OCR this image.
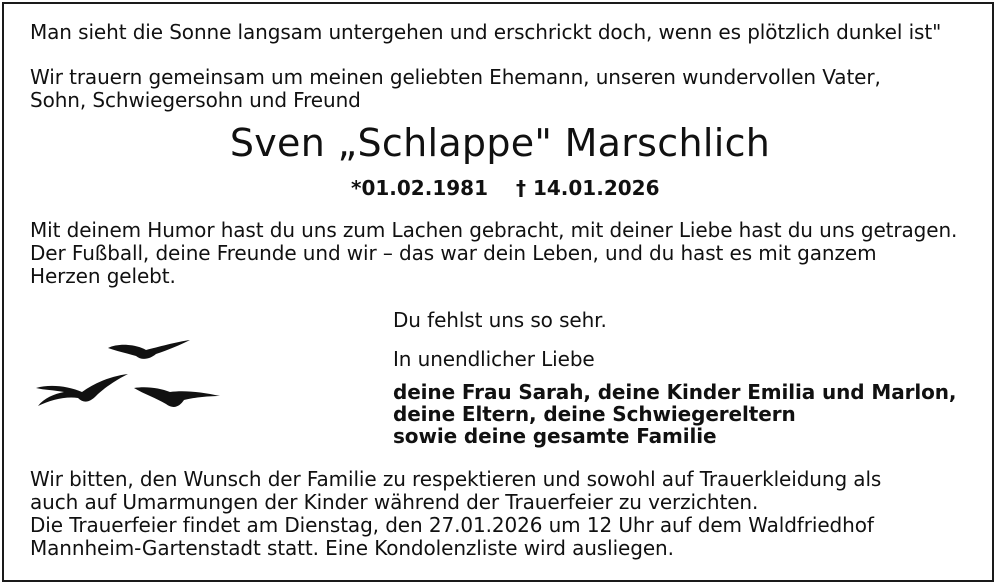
Man sieht die Sonne langsam untergehen und erschrickt doch, wenn es plötzlich dunkel ist"
Wir trauern gemeinsam um meinen geliebten Ehemann, unseren wundervollen Vater,
Sohn, Schwiegersohn und Freund
Sven „Schlappe" Marschlich
*01.02.1981 † 14.01.2026
Mit deinem Humor hast du uns zum Lachen gebracht, mit deiner Liebe hast du uns getragen.
Der Fußball, deine Freunde und wir – das war dein Leben, und du hast es mit ganzem
Herzen gelebt.
Du fehlst uns so sehr.
In unendlicher Liebe
deine Frau Sarah, deine Kinder Emilia und Marlon,
deine Eltern, deine Schwiegereltern
sowie deine gesamte Familie
Wir bitten, den Wunsch der Familie zu respektieren und sowohl auf Trauerkleidung als
auch auf Umarmungen der Kinder während der Trauerfeier zu verzichten.
Die Trauerfeier findet am Dienstag, den 27.01.2026 um 12 Uhr auf dem Waldfriedhof
Mannheim-Gartenstadt statt. Eine Kondolenzliste wird ausliegen.
